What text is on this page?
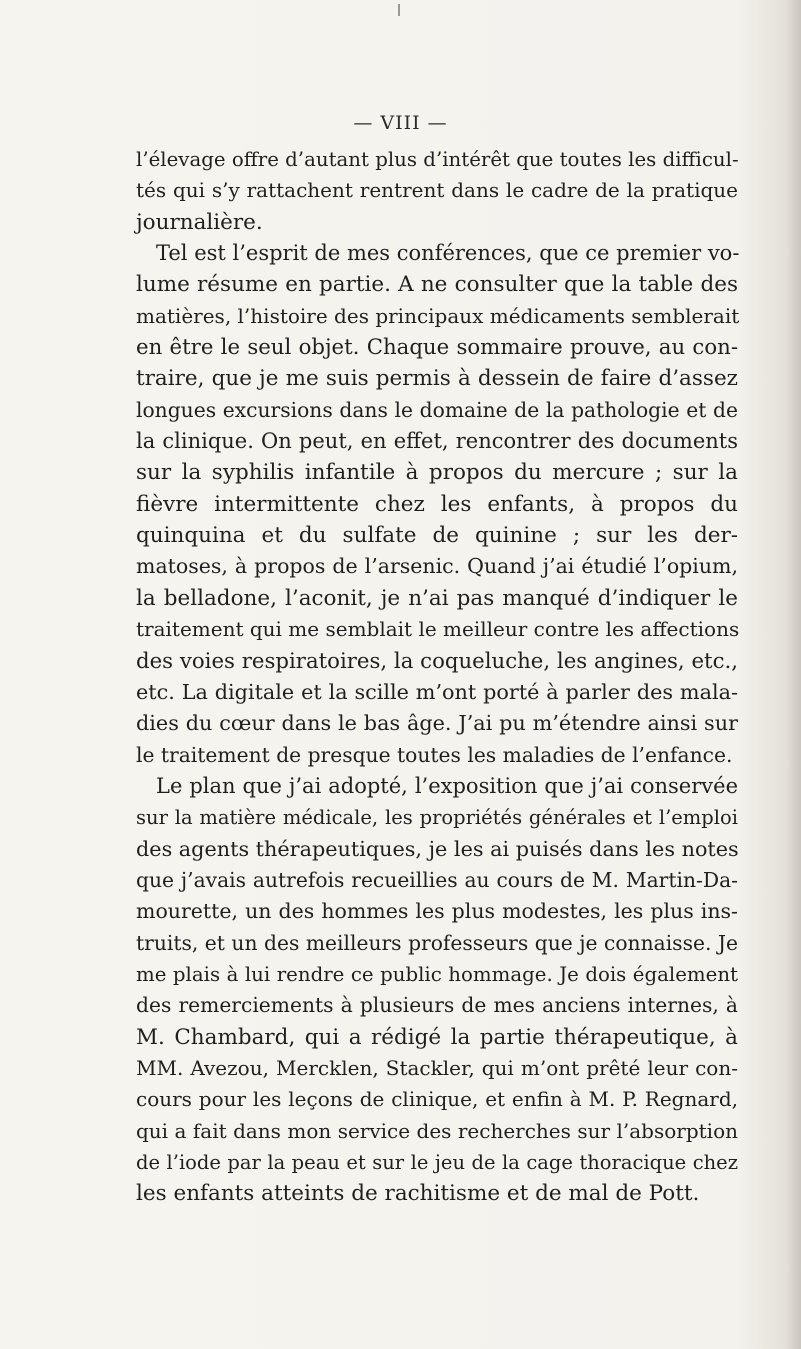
— VIII —
l’élevage offre d’autant plus d’intérêt que toutes les difficul-
tés qui s’y rattachent rentrent dans le cadre de la pratique
journalière.
Tel est l’esprit de mes conférences, que ce premier vo-
lume résume en partie. A ne consulter que la table des
matières, l’histoire des principaux médicaments semblerait
en être le seul objet. Chaque sommaire prouve, au con-
traire, que je me suis permis à dessein de faire d’assez
longues excursions dans le domaine de la pathologie et de
la clinique. On peut, en effet, rencontrer des documents
sur la syphilis infantile à propos du mercure ; sur la
fièvre intermittente chez les enfants, à propos du
quinquina et du sulfate de quinine ; sur les der-
matoses, à propos de l’arsenic. Quand j’ai étudié l’opium,
la belladone, l’aconit, je n’ai pas manqué d’indiquer le
traitement qui me semblait le meilleur contre les affections
des voies respiratoires, la coqueluche, les angines, etc.,
etc. La digitale et la scille m’ont porté à parler des mala-
dies du cœur dans le bas âge. J’ai pu m’étendre ainsi sur
le traitement de presque toutes les maladies de l’enfance.
Le plan que j’ai adopté, l’exposition que j’ai conservée
sur la matière médicale, les propriétés générales et l’emploi
des agents thérapeutiques, je les ai puisés dans les notes
que j’avais autrefois recueillies au cours de M. Martin-Da-
mourette, un des hommes les plus modestes, les plus ins-
truits, et un des meilleurs professeurs que je connaisse. Je
me plais à lui rendre ce public hommage. Je dois également
des remerciements à plusieurs de mes anciens internes, à
M. Chambard, qui a rédigé la partie thérapeutique, à
MM. Avezou, Mercklen, Stackler, qui m’ont prêté leur con-
cours pour les leçons de clinique, et enfin à M. P. Regnard,
qui a fait dans mon service des recherches sur l’absorption
de l’iode par la peau et sur le jeu de la cage thoracique chez
les enfants atteints de rachitisme et de mal de Pott.
